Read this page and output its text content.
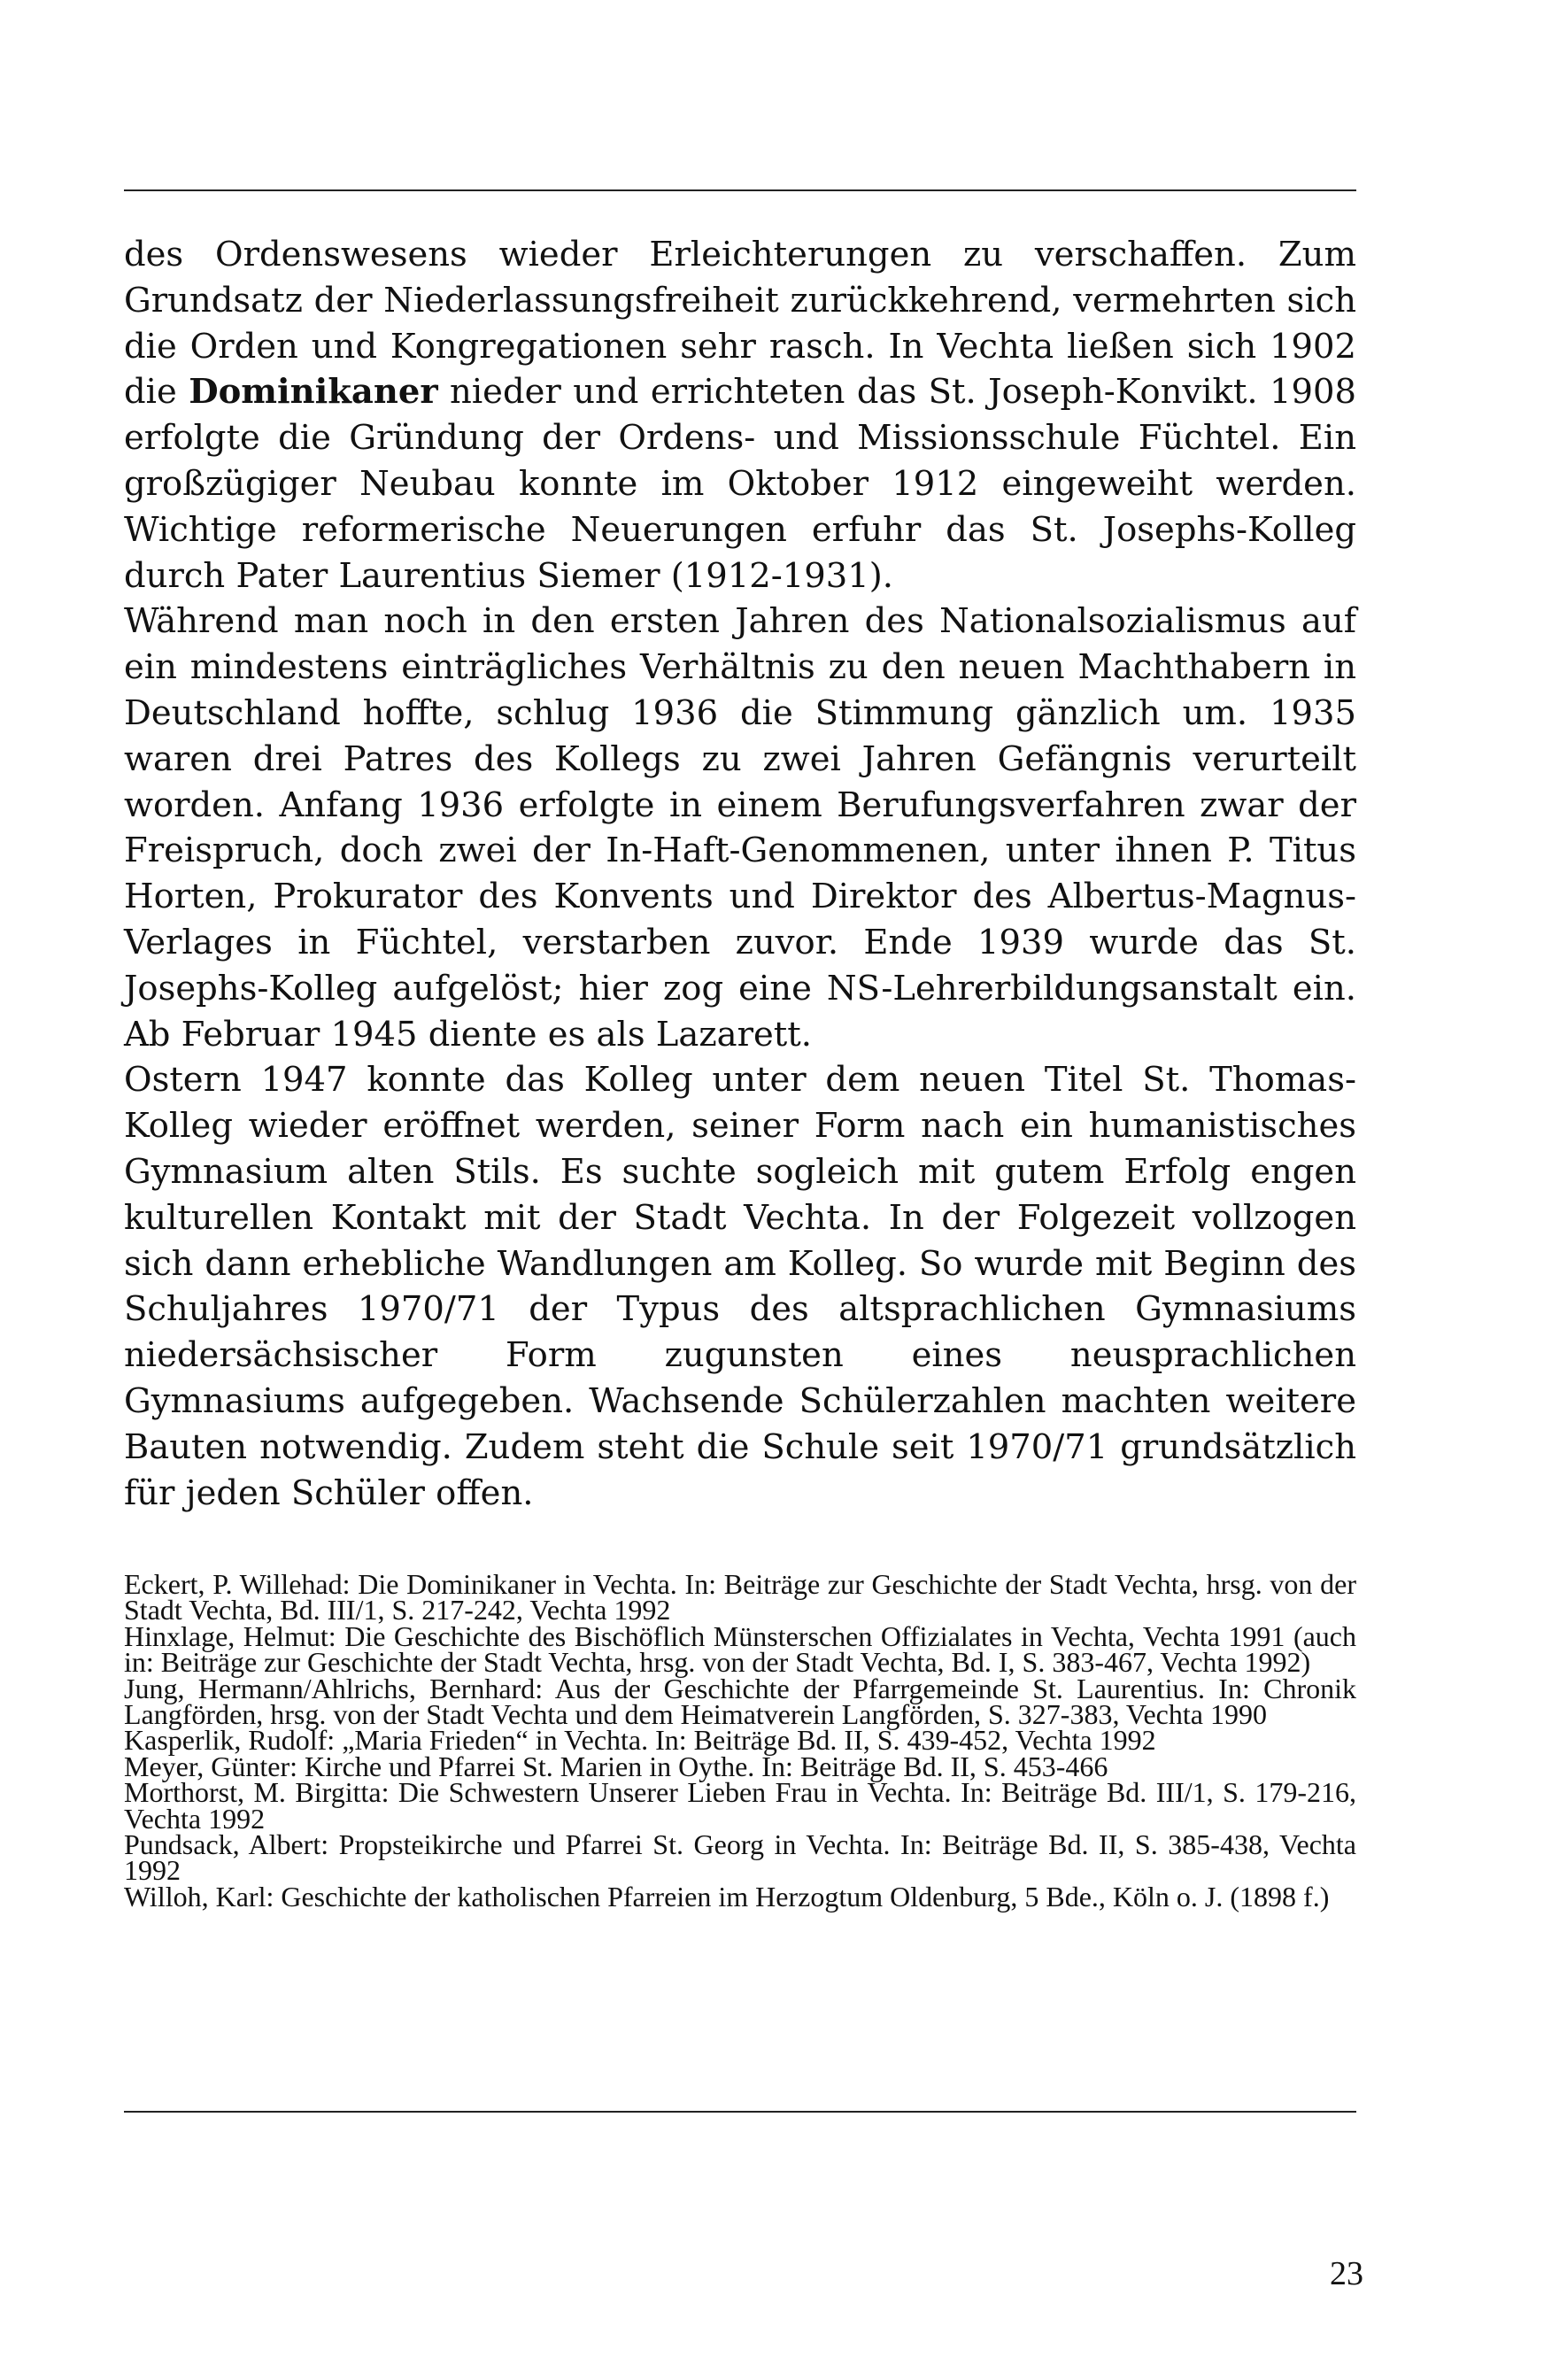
des Ordenswesens wieder Erleichterungen zu verschaffen. Zum Grundsatz der Niederlassungsfreiheit zurückkehrend, vermehrten sich die Orden und Kongregationen sehr rasch. In Vechta ließen sich 1902 die Dominikaner nieder und errichteten das St. Joseph-Konvikt. 1908 erfolgte die Gründung der Ordens- und Missionsschule Füchtel. Ein großzügiger Neubau konnte im Oktober 1912 eingeweiht werden. Wichtige reformerische Neuerungen erfuhr das St. Josephs-Kolleg durch Pater Laurentius Siemer (1912-1931).

Während man noch in den ersten Jahren des Nationalsozialismus auf ein mindestens einträgliches Verhältnis zu den neuen Machthabern in Deutschland hoffte, schlug 1936 die Stimmung gänzlich um. 1935 waren drei Patres des Kollegs zu zwei Jahren Gefängnis verurteilt worden. Anfang 1936 erfolgte in einem Berufungsverfahren zwar der Freispruch, doch zwei der In-Haft-Genommenen, unter ihnen P. Titus Horten, Prokurator des Konvents und Direktor des Albertus-Magnus-Verlages in Füchtel, verstarben zuvor. Ende 1939 wurde das St. Josephs-Kolleg aufgelöst; hier zog eine NS-Lehrerbildungsanstalt ein. Ab Februar 1945 diente es als Lazarett.

Ostern 1947 konnte das Kolleg unter dem neuen Titel St. Thomas-Kolleg wieder eröffnet werden, seiner Form nach ein humanistisches Gymnasium alten Stils. Es suchte sogleich mit gutem Erfolg engen kulturellen Kontakt mit der Stadt Vechta. In der Folgezeit vollzogen sich dann erhebliche Wandlungen am Kolleg. So wurde mit Beginn des Schuljahres 1970/71 der Typus des altsprachlichen Gymnasiums niedersächsischer Form zugunsten eines neusprachlichen Gymnasiums aufgegeben. Wachsende Schülerzahlen machten weitere Bauten notwendig. Zudem steht die Schule seit 1970/71 grundsätzlich für jeden Schüler offen.

Eckert, P. Willehad: Die Dominikaner in Vechta. In: Beiträge zur Geschichte der Stadt Vechta, hrsg. von der Stadt Vechta, Bd. III/1, S. 217-242, Vechta 1992
Hinxlage, Helmut: Die Geschichte des Bischöflich Münsterschen Offizialates in Vechta, Vechta 1991 (auch in: Beiträge zur Geschichte der Stadt Vechta, hrsg. von der Stadt Vechta, Bd. I, S. 383-467, Vechta 1992)
Jung, Hermann/Ahlrichs, Bernhard: Aus der Geschichte der Pfarrgemeinde St. Laurentius. In: Chronik Langförden, hrsg. von der Stadt Vechta und dem Heimatverein Langförden, S. 327-383, Vechta 1990
Kasperlik, Rudolf: „Maria Frieden“ in Vechta. In: Beiträge Bd. II, S. 439-452, Vechta 1992
Meyer, Günter: Kirche und Pfarrei St. Marien in Oythe. In: Beiträge Bd. II, S. 453-466
Morthorst, M. Birgitta: Die Schwestern Unserer Lieben Frau in Vechta. In: Beiträge Bd. III/1, S. 179-216, Vechta 1992
Pundsack, Albert: Propsteikirche und Pfarrei St. Georg in Vechta. In: Beiträge Bd. II, S. 385-438, Vechta 1992
Willoh, Karl: Geschichte der katholischen Pfarreien im Herzogtum Oldenburg, 5 Bde., Köln o. J. (1898 f.)
23
